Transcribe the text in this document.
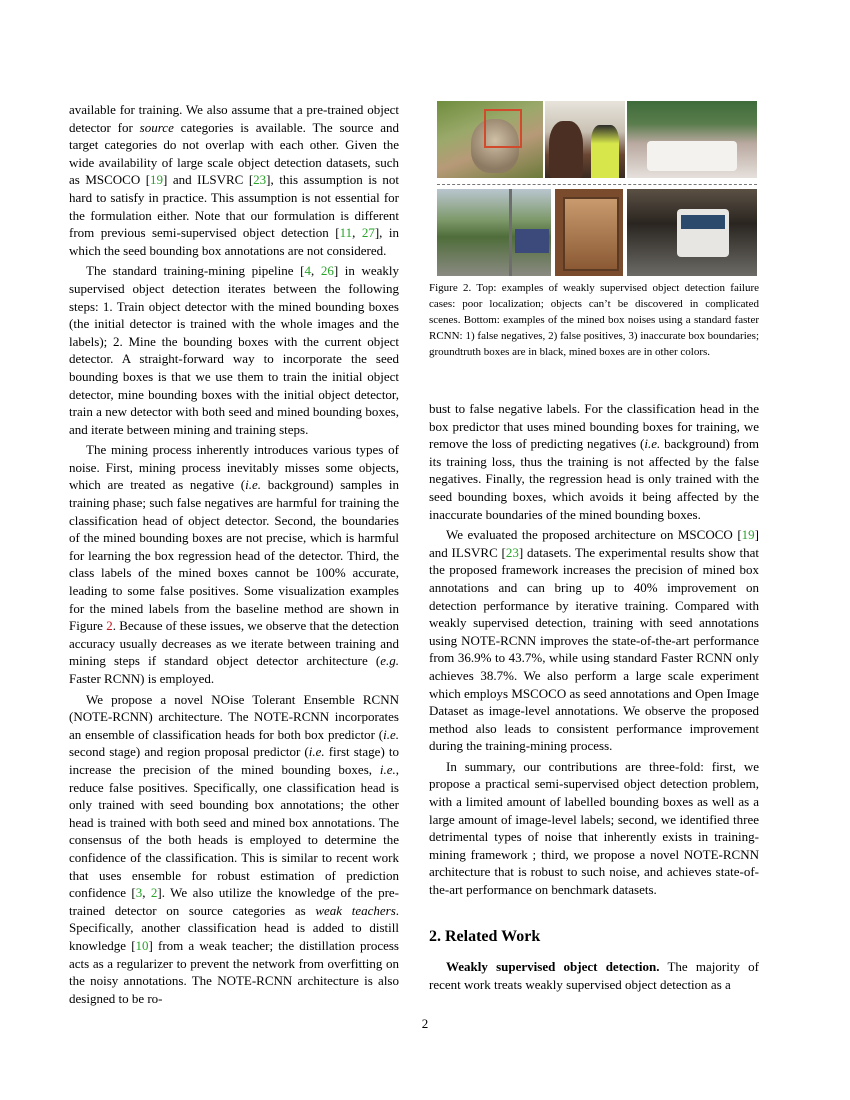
available for training. We also assume that a pre-trained object detector for source categories is available. The source and target categories do not overlap with each other. Given the wide availability of large scale object detection datasets, such as MSCOCO [19] and ILSVRC [23], this assumption is not hard to satisfy in practice. This assumption is not essential for the formulation either. Note that our formulation is different from previous semi-supervised object detection [11, 27], in which the seed bounding box annotations are not considered.

The standard training-mining pipeline [4, 26] in weakly supervised object detection iterates between the following steps: 1. Train object detector with the mined bounding boxes (the initial detector is trained with the whole images and the labels); 2. Mine the bounding boxes with the current object detector. A straight-forward way to incorporate the seed bounding boxes is that we use them to train the initial object detector, mine bounding boxes with the initial object detector, train a new detector with both seed and mined bounding boxes, and iterate between mining and training steps.

The mining process inherently introduces various types of noise. First, mining process inevitably misses some objects, which are treated as negative (i.e. background) samples in training phase; such false negatives are harmful for training the classification head of object detector. Second, the boundaries of the mined bounding boxes are not precise, which is harmful for learning the box regression head of the detector. Third, the class labels of the mined boxes cannot be 100% accurate, leading to some false positives. Some visualization examples for the mined labels from the baseline method are shown in Figure 2. Because of these issues, we observe that the detection accuracy usually decreases as we iterate between training and mining steps if standard object detector architecture (e.g. Faster RCNN) is employed.

We propose a novel NOise Tolerant Ensemble RCNN (NOTE-RCNN) architecture. The NOTE-RCNN incorporates an ensemble of classification heads for both box predictor (i.e. second stage) and region proposal predictor (i.e. first stage) to increase the precision of the mined bounding boxes, i.e., reduce false positives. Specifically, one classification head is only trained with seed bounding box annotations; the other head is trained with both seed and mined box annotations. The consensus of the both heads is employed to determine the confidence of the classification. This is similar to recent work that uses ensemble for robust estimation of prediction confidence [3, 2]. We also utilize the knowledge of the pre-trained detector on source categories as weak teachers. Specifically, another classification head is added to distill knowledge [10] from a weak teacher; the distillation process acts as a regularizer to prevent the network from overfitting on the noisy annotations. The NOTE-RCNN architecture is also designed to be ro-

Figure 2. Top: examples of weakly supervised object detection failure cases: poor localization; objects can’t be discovered in complicated scenes. Bottom: examples of the mined box noises using a standard faster RCNN: 1) false negatives, 2) false positives, 3) inaccurate box boundaries; groundtruth boxes are in black, mined boxes are in other colors.

bust to false negative labels. For the classification head in the box predictor that uses mined bounding boxes for training, we remove the loss of predicting negatives (i.e. background) from its training loss, thus the training is not affected by the false negatives. Finally, the regression head is only trained with the seed bounding boxes, which avoids it being affected by the inaccurate boundaries of the mined bounding boxes.

We evaluated the proposed architecture on MSCOCO [19] and ILSVRC [23] datasets. The experimental results show that the proposed framework increases the precision of mined box annotations and can bring up to 40% improvement on detection performance by iterative training. Compared with weakly supervised detection, training with seed annotations using NOTE-RCNN improves the state-of-the-art performance from 36.9% to 43.7%, while using standard Faster RCNN only achieves 38.7%. We also perform a large scale experiment which employs MSCOCO as seed annotations and Open Image Dataset as image-level annotations. We observe the proposed method also leads to consistent performance improvement during the training-mining process.

In summary, our contributions are three-fold: first, we propose a practical semi-supervised object detection problem, with a limited amount of labelled bounding boxes as well as a large amount of image-level labels; second, we identified three detrimental types of noise that inherently exists in training-mining framework ; third, we propose a novel NOTE-RCNN architecture that is robust to such noise, and achieves state-of-the-art performance on benchmark datasets.

2. Related Work
Weakly supervised object detection. The majority of recent work treats weakly supervised object detection as a
2
